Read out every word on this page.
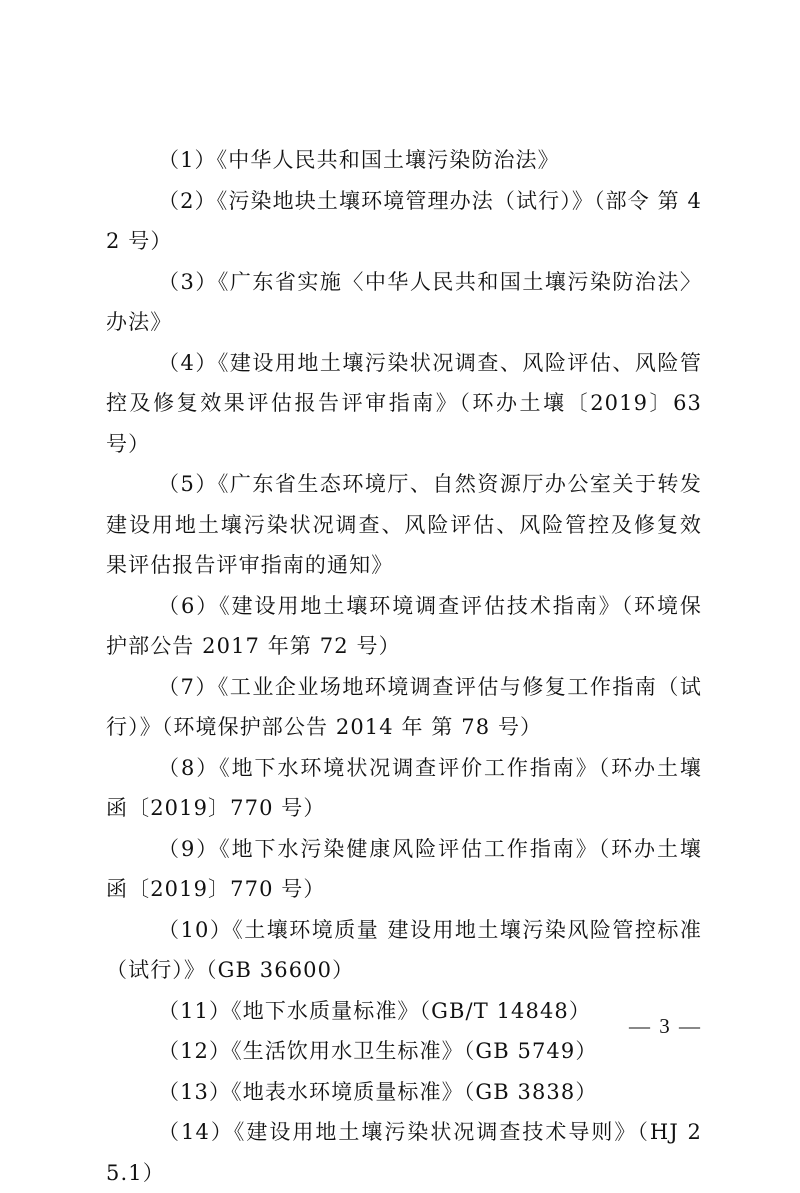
（1）《中华人民共和国土壤污染防治法》

（2）《污染地块土壤环境管理办法（试行）》（部令 第 42 号）

（3）《广东省实施〈中华人民共和国土壤污染防治法〉办法》

（4）《建设用地土壤污染状况调查、风险评估、风险管控及修复效果评估报告评审指南》（环办土壤〔2019〕63 号）

（5）《广东省生态环境厅、自然资源厅办公室关于转发建设用地土壤污染状况调查、风险评估、风险管控及修复效果评估报告评审指南的通知》

（6）《建设用地土壤环境调查评估技术指南》（环境保护部公告 2017 年第 72 号）

（7）《工业企业场地环境调查评估与修复工作指南（试行）》（环境保护部公告 2014 年 第 78 号）

（8）《地下水环境状况调查评价工作指南》（环办土壤函〔2019〕770 号）

（9）《地下水污染健康风险评估工作指南》（环办土壤函〔2019〕770 号）

（10）《土壤环境质量 建设用地土壤污染风险管控标准（试行）》（GB 36600）

（11）《地下水质量标准》（GB/T 14848）

（12）《生活饮用水卫生标准》（GB 5749）

（13）《地表水环境质量标准》（GB 3838）

（14）《建设用地土壤污染状况调查技术导则》（HJ 25.1）

— 3 —
